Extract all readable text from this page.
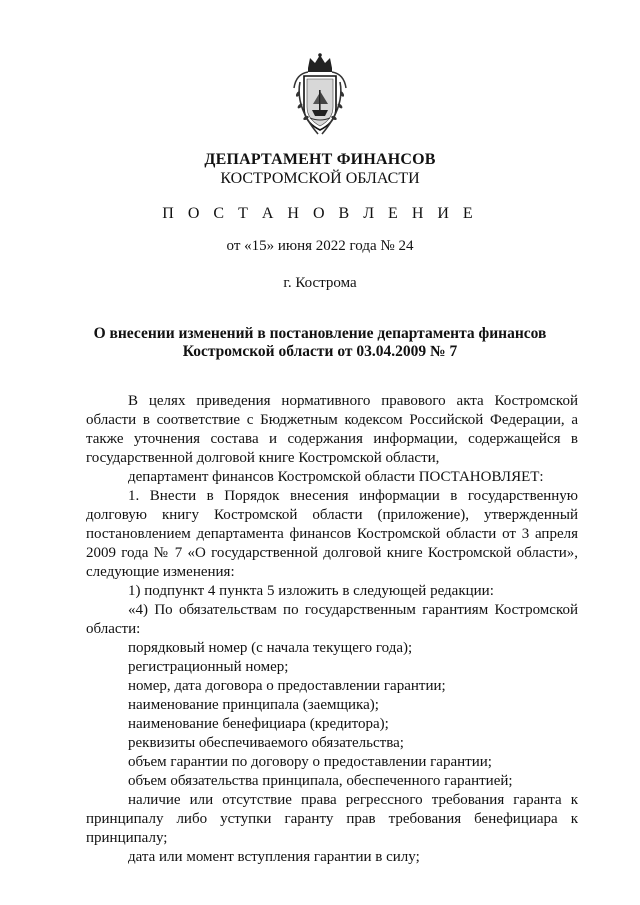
ДЕПАРТАМЕНТ ФИНАНСОВ
КОСТРОМСКОЙ ОБЛАСТИ
П О С Т А Н О В Л Е Н И Е
от «15» июня 2022 года № 24
г. Кострома
О внесении изменений в постановление департамента финансов
Костромской области от 03.04.2009 № 7

В целях приведения нормативного правового акта Костромской области в соответствие с Бюджетным кодексом Российской Федерации, а также уточнения состава и содержания информации, содержащейся в государственной долговой книге Костромской области,

департамент финансов Костромской области ПОСТАНОВЛЯЕТ:

1. Внести в Порядок внесения информации в государственную долговую книгу Костромской области (приложение), утвержденный постановлением департамента финансов Костромской области от 3 апреля 2009 года № 7 «О государственной долговой книге Костромской области», следующие изменения:

1) подпункт 4 пункта 5 изложить в следующей редакции:

«4) По обязательствам по государственным гарантиям Костромской области:

порядковый номер (с начала текущего года);

регистрационный номер;

номер, дата договора о предоставлении гарантии;

наименование принципала (заемщика);

наименование бенефициара (кредитора);

реквизиты обеспечиваемого обязательства;

объем гарантии по договору о предоставлении гарантии;

объем обязательства принципала, обеспеченного гарантией;

наличие или отсутствие права регрессного требования гаранта к принципалу либо уступки гаранту прав требования бенефициара к принципалу;

дата или момент вступления гарантии в силу;
